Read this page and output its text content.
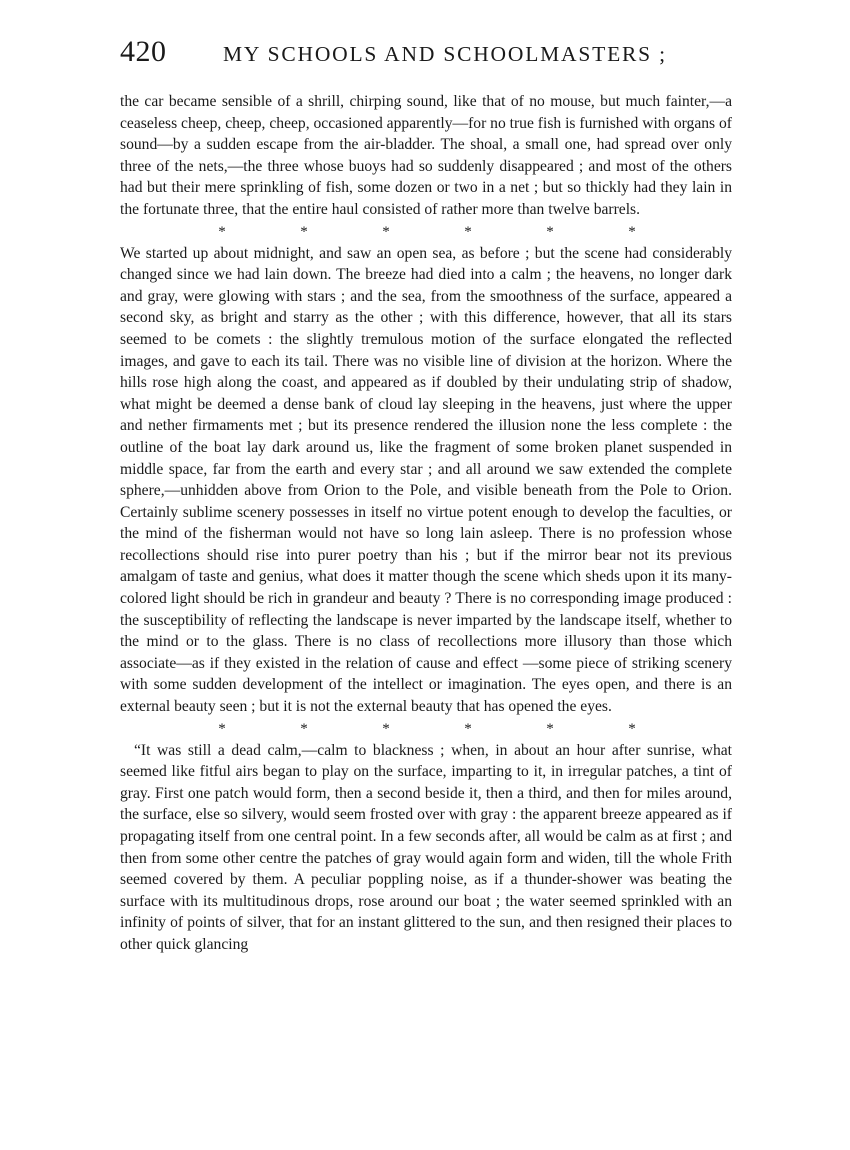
420	MY SCHOOLS AND SCHOOLMASTERS ;

the car became sensible of a shrill, chirping sound, like that of no mouse, but much fainter,—a ceaseless cheep, cheep, cheep, occasioned apparently—for no true fish is furnished with organs of sound—by a sudden escape from the air-bladder. The shoal, a small one, had spread over only three of the nets,—the three whose buoys had so suddenly disappeared ; and most of the others had but their mere sprinkling of fish, some dozen or two in a net ; but so thickly had they lain in the fortunate three, that the entire haul consisted of rather more than twelve barrels.

*	*	*	*	*	*

We started up about midnight, and saw an open sea, as before ; but the scene had considerably changed since we had lain down. The breeze had died into a calm ; the heavens, no longer dark and gray, were glowing with stars ; and the sea, from the smoothness of the surface, appeared a second sky, as bright and starry as the other ; with this difference, however, that all its stars seemed to be comets : the slightly tremulous motion of the surface elongated the reflected images, and gave to each its tail. There was no visible line of division at the horizon. Where the hills rose high along the coast, and appeared as if doubled by their undulating strip of shadow, what might be deemed a dense bank of cloud lay sleeping in the heavens, just where the upper and nether firmaments met ; but its presence rendered the illusion none the less complete : the outline of the boat lay dark around us, like the fragment of some broken planet suspended in middle space, far from the earth and every star ; and all around we saw extended the complete sphere,—unhidden above from Orion to the Pole, and visible beneath from the Pole to Orion. Certainly sublime scenery possesses in itself no virtue potent enough to develop the faculties, or the mind of the fisherman would not have so long lain asleep. There is no profession whose recollections should rise into purer poetry than his ; but if the mirror bear not its previous amalgam of taste and genius, what does it matter though the scene which sheds upon it its many-colored light should be rich in grandeur and beauty ? There is no corresponding image produced : the susceptibility of reflecting the landscape is never imparted by the landscape itself, whether to the mind or to the glass. There is no class of recollections more illusory than those which associate—as if they existed in the relation of cause and effect —some piece of striking scenery with some sudden development of the intellect or imagination. The eyes open, and there is an external beauty seen ; but it is not the external beauty that has opened the eyes.

*	*	*	*	*	*

“It was still a dead calm,—calm to blackness ; when, in about an hour after sunrise, what seemed like fitful airs began to play on the surface, imparting to it, in irregular patches, a tint of gray. First one patch would form, then a second beside it, then a third, and then for miles around, the surface, else so silvery, would seem frosted over with gray : the apparent breeze appeared as if propagating itself from one central point. In a few seconds after, all would be calm as at first ; and then from some other centre the patches of gray would again form and widen, till the whole Frith seemed covered by them. A peculiar poppling noise, as if a thunder-shower was beating the surface with its multitudinous drops, rose around our boat ; the water seemed sprinkled with an infinity of points of silver, that for an instant glittered to the sun, and then resigned their places to other quick glancing
